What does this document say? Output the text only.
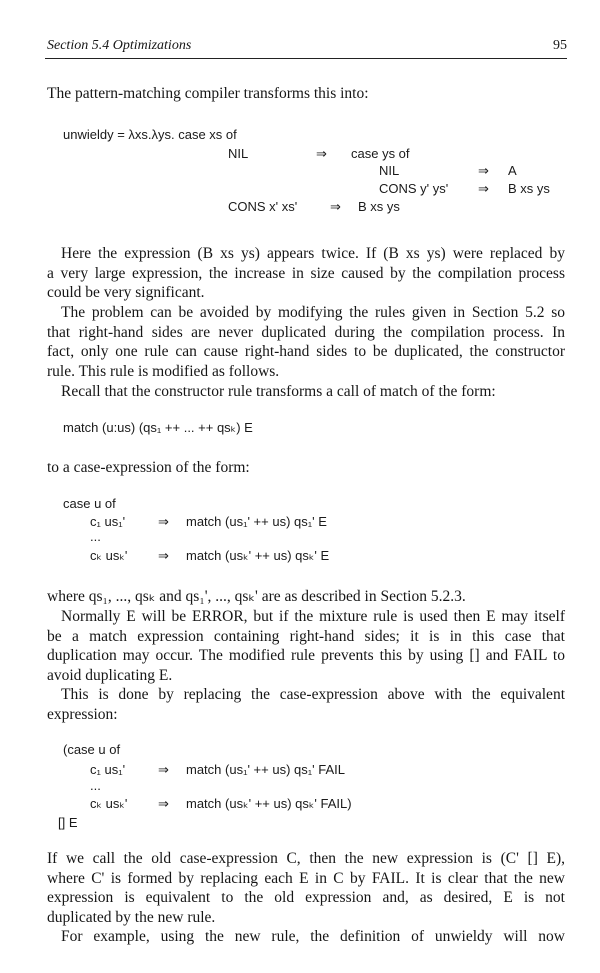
Section 5.4 Optimizations	95

The pattern-matching compiler transforms this into:

unwieldy = λxs.λys. case xs of
NIL	⇒ case ys of
NIL	⇒ A
CONS y' ys' ⇒ B xs ys
CONS x' xs'	⇒ B xs ys
Here the expression (B xs ys) appears twice. If (B xs ys) were replaced by
a very large expression, the increase in size caused by the compilation process
could be very significant.
The problem can be avoided by modifying the rules given in Section 5.2 so
that right-hand sides are never duplicated during the compilation process. In
fact, only one rule can cause right-hand sides to be duplicated, the constructor
rule. This rule is modified as follows.

Recall that the constructor rule transforms a call of match of the form:

match (u:us) (qs₁ ++ ... ++ qsₖ) E

to a case-expression of the form:

case u of
c₁ us₁'	⇒ match (us₁' ++ us) qs₁' E
...
cₖ usₖ' ⇒ match (usₖ' ++ us) qsₖ' E

where qs₁, ..., qsₖ and qs₁', ..., qsₖ' are as described in Section 5.2.3.

Normally E will be ERROR, but if the mixture rule is used then E may itself
be a match expression containing right-hand sides; it is in this case that
duplication may occur. The modified rule prevents this by using [] and FAIL to
avoid duplicating E.
This is done by replacing the case-expression above with the equivalent
expression:
(case u of
c₁ us₁'	⇒ match (us₁' ++ us) qs₁' FAIL
...
cₖ usₖ' ⇒ match (usₖ' ++ us) qsₖ' FAIL)
[] E
If we call the old case-expression C, then the new expression is (C' [] E),
where C' is formed by replacing each E in C by FAIL. It is clear that the new
expression is equivalent to the old expression and, as desired, E is not
duplicated by the new rule.

For example, using the new rule, the definition of unwieldy will now
